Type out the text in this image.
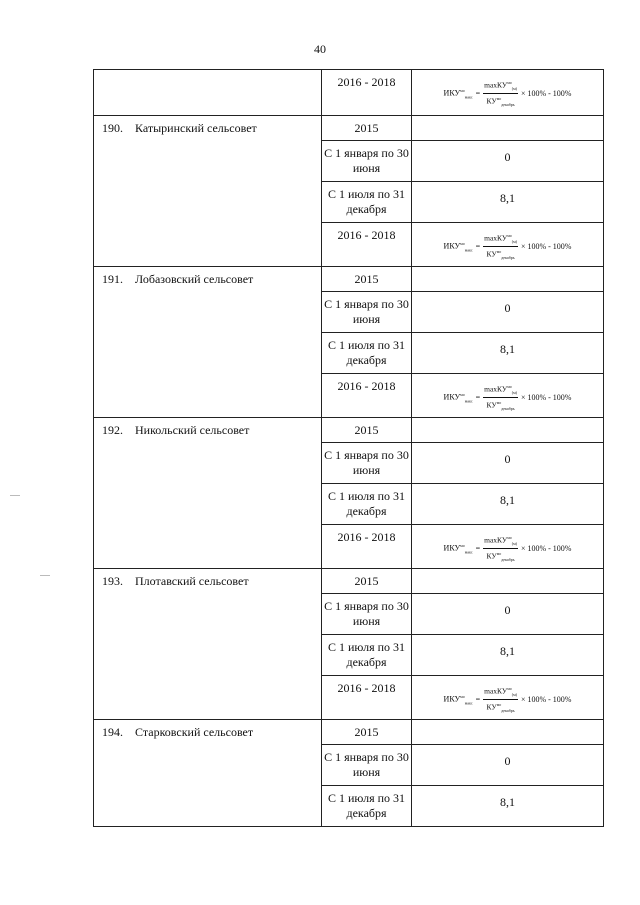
40

	2016 - 2018	$ИКУ^{мо}_{макс} = \frac{\max КУ^{мо}_{(м)}}{КУ^{мо}_{декабрь}} \times 100\% - 100\%$

190. Катыринский сельсовет	2015	

	С 1 января по 30 июня	0

	С 1 июля по 31 декабря	8,1

	2016 - 2018	$ИКУ^{мо}_{макс} = \frac{\max КУ^{мо}_{(м)}}{КУ^{мо}_{декабрь}} \times 100\% - 100\%$

191. Лобазовский сельсовет	2015	

	С 1 января по 30 июня	0

	С 1 июля по 31 декабря	8,1

	2016 - 2018	$ИКУ^{мо}_{макс} = \frac{\max КУ^{мо}_{(м)}}{КУ^{мо}_{декабрь}} \times 100\% - 100\%$

192. Никольский сельсовет	2015	

	С 1 января по 30 июня	0

	С 1 июля по 31 декабря	8,1

	2016 - 2018	$ИКУ^{мо}_{макс} = \frac{\max КУ^{мо}_{(м)}}{КУ^{мо}_{декабрь}} \times 100\% - 100\%$

193. Плотавский сельсовет	2015	

	С 1 января по 30 июня	0

	С 1 июля по 31 декабря	8,1

	2016 - 2018	$ИКУ^{мо}_{макс} = \frac{\max КУ^{мо}_{(м)}}{КУ^{мо}_{декабрь}} \times 100\% - 100\%$

194. Старковский сельсовет	2015	

	С 1 января по 30 июня	0

	С 1 июля по 31 декабря	8,1
